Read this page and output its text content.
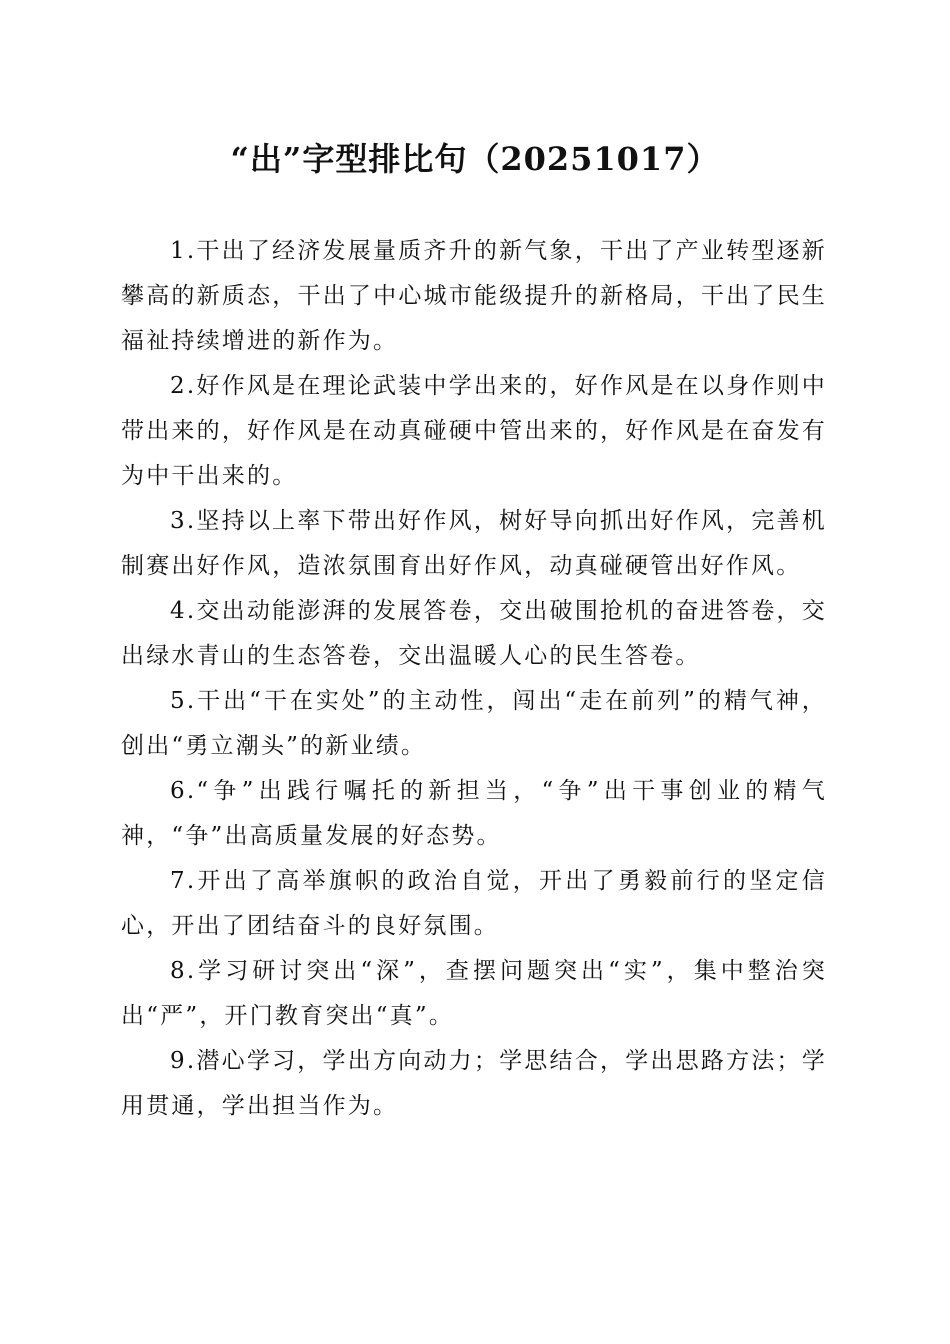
“出”字型排比句（20251017）

1.干出了经济发展量质齐升的新气象，干出了产业转型逐新攀高的新质态，干出了中心城市能级提升的新格局，干出了民生福祉持续增进的新作为。

2.好作风是在理论武装中学出来的，好作风是在以身作则中带出来的，好作风是在动真碰硬中管出来的，好作风是在奋发有为中干出来的。

3.坚持以上率下带出好作风，树好导向抓出好作风，完善机制赛出好作风，造浓氛围育出好作风，动真碰硬管出好作风。

4.交出动能澎湃的发展答卷，交出破围抢机的奋进答卷，交出绿水青山的生态答卷，交出温暖人心的民生答卷。

5.干出“干在实处”的主动性，闯出“走在前列”的精气神，创出“勇立潮头”的新业绩。

6.“争”出践行嘱托的新担当，“争”出干事创业的精气神，“争”出高质量发展的好态势。

7.开出了高举旗帜的政治自觉，开出了勇毅前行的坚定信心，开出了团结奋斗的良好氛围。

8.学习研讨突出“深”，查摆问题突出“实”，集中整治突出“严”，开门教育突出“真”。

9.潜心学习，学出方向动力；学思结合，学出思路方法；学用贯通，学出担当作为。
